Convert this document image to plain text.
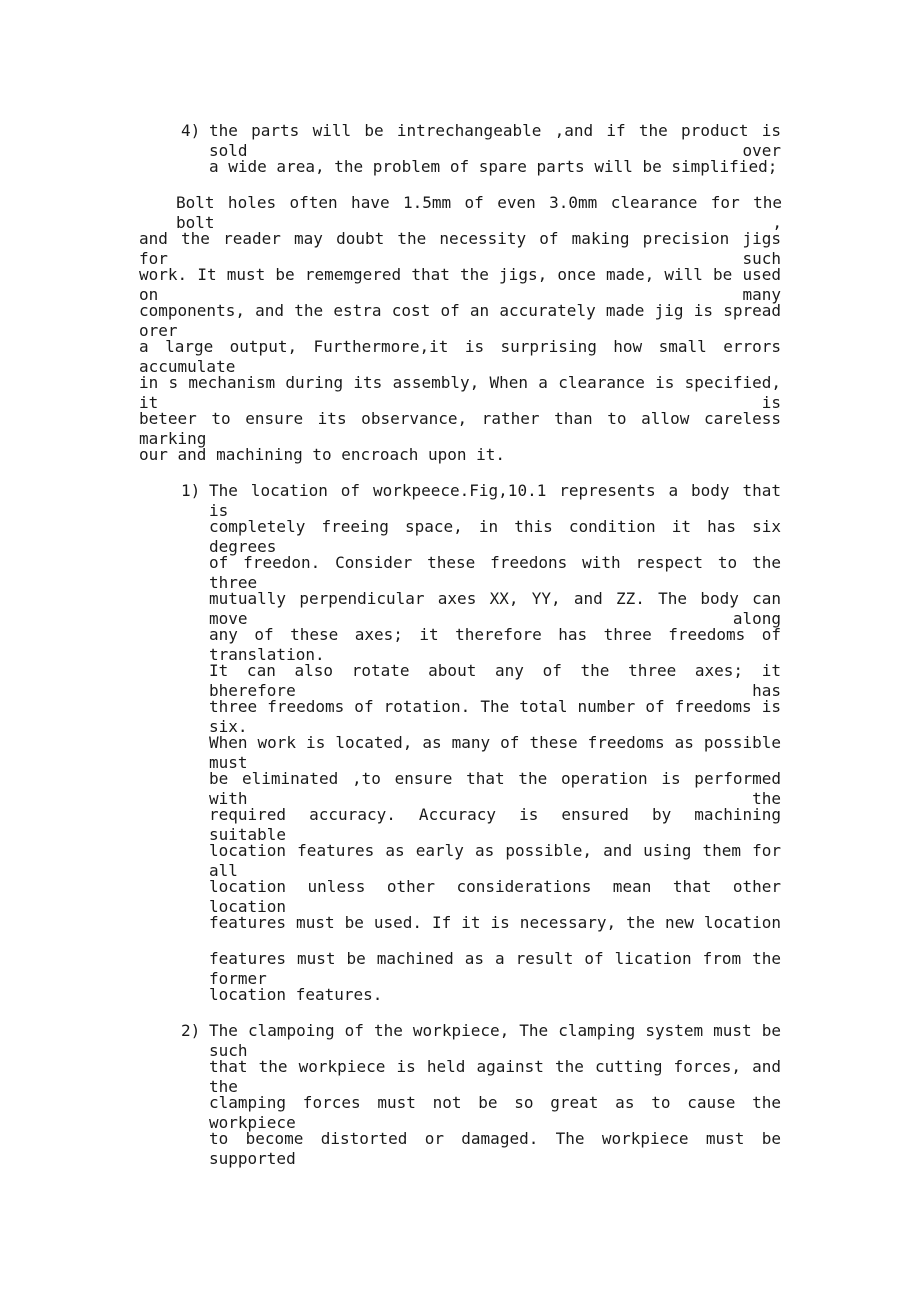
4) the parts will be intrechangeable ,and if the product is sold over
a wide area, the problem of spare parts will be simplified;
Bolt holes often have 1.5mm of even 3.0mm clearance for the bolt ,
and the reader may doubt the necessity of making precision jigs for such
work. It must be rememgered that the jigs, once made, will be used on many
components, and the estra cost of an accurately made jig is spread orer
a large output, Furthermore,it is surprising how small errors accumulate
in s mechanism during its assembly, When a clearance is specified, it is
beteer to ensure its observance, rather than to allow careless marking
our and machining to encroach upon it.
1) The location of workpeece.Fig,10.1 represents a body that is
completely freeing space, in this condition it has six degrees
of freedon. Consider these freedons with respect to the three
mutually perpendicular axes XX, YY, and ZZ. The body can move along
any of these axes; it therefore has three freedoms of translation.
It can also rotate about any of the three axes; it bherefore has
three freedoms of rotation. The total number of freedoms is six.
When work is located, as many of these freedoms as possible must
be eliminated ,to ensure that the operation is performed with the
required accuracy. Accuracy is ensured by machining suitable
location features as early as possible, and using them for all
location unless other considerations mean that other location
features must be used. If it is necessary, the new location
features must be machined as a result of lication from the former
location features.
2) The clampoing of the workpiece, The clamping system must be such
that the workpiece is held against the cutting forces, and the
clamping forces must not be so great as to cause the workpiece
to become distorted or damaged. The workpiece must be supported
